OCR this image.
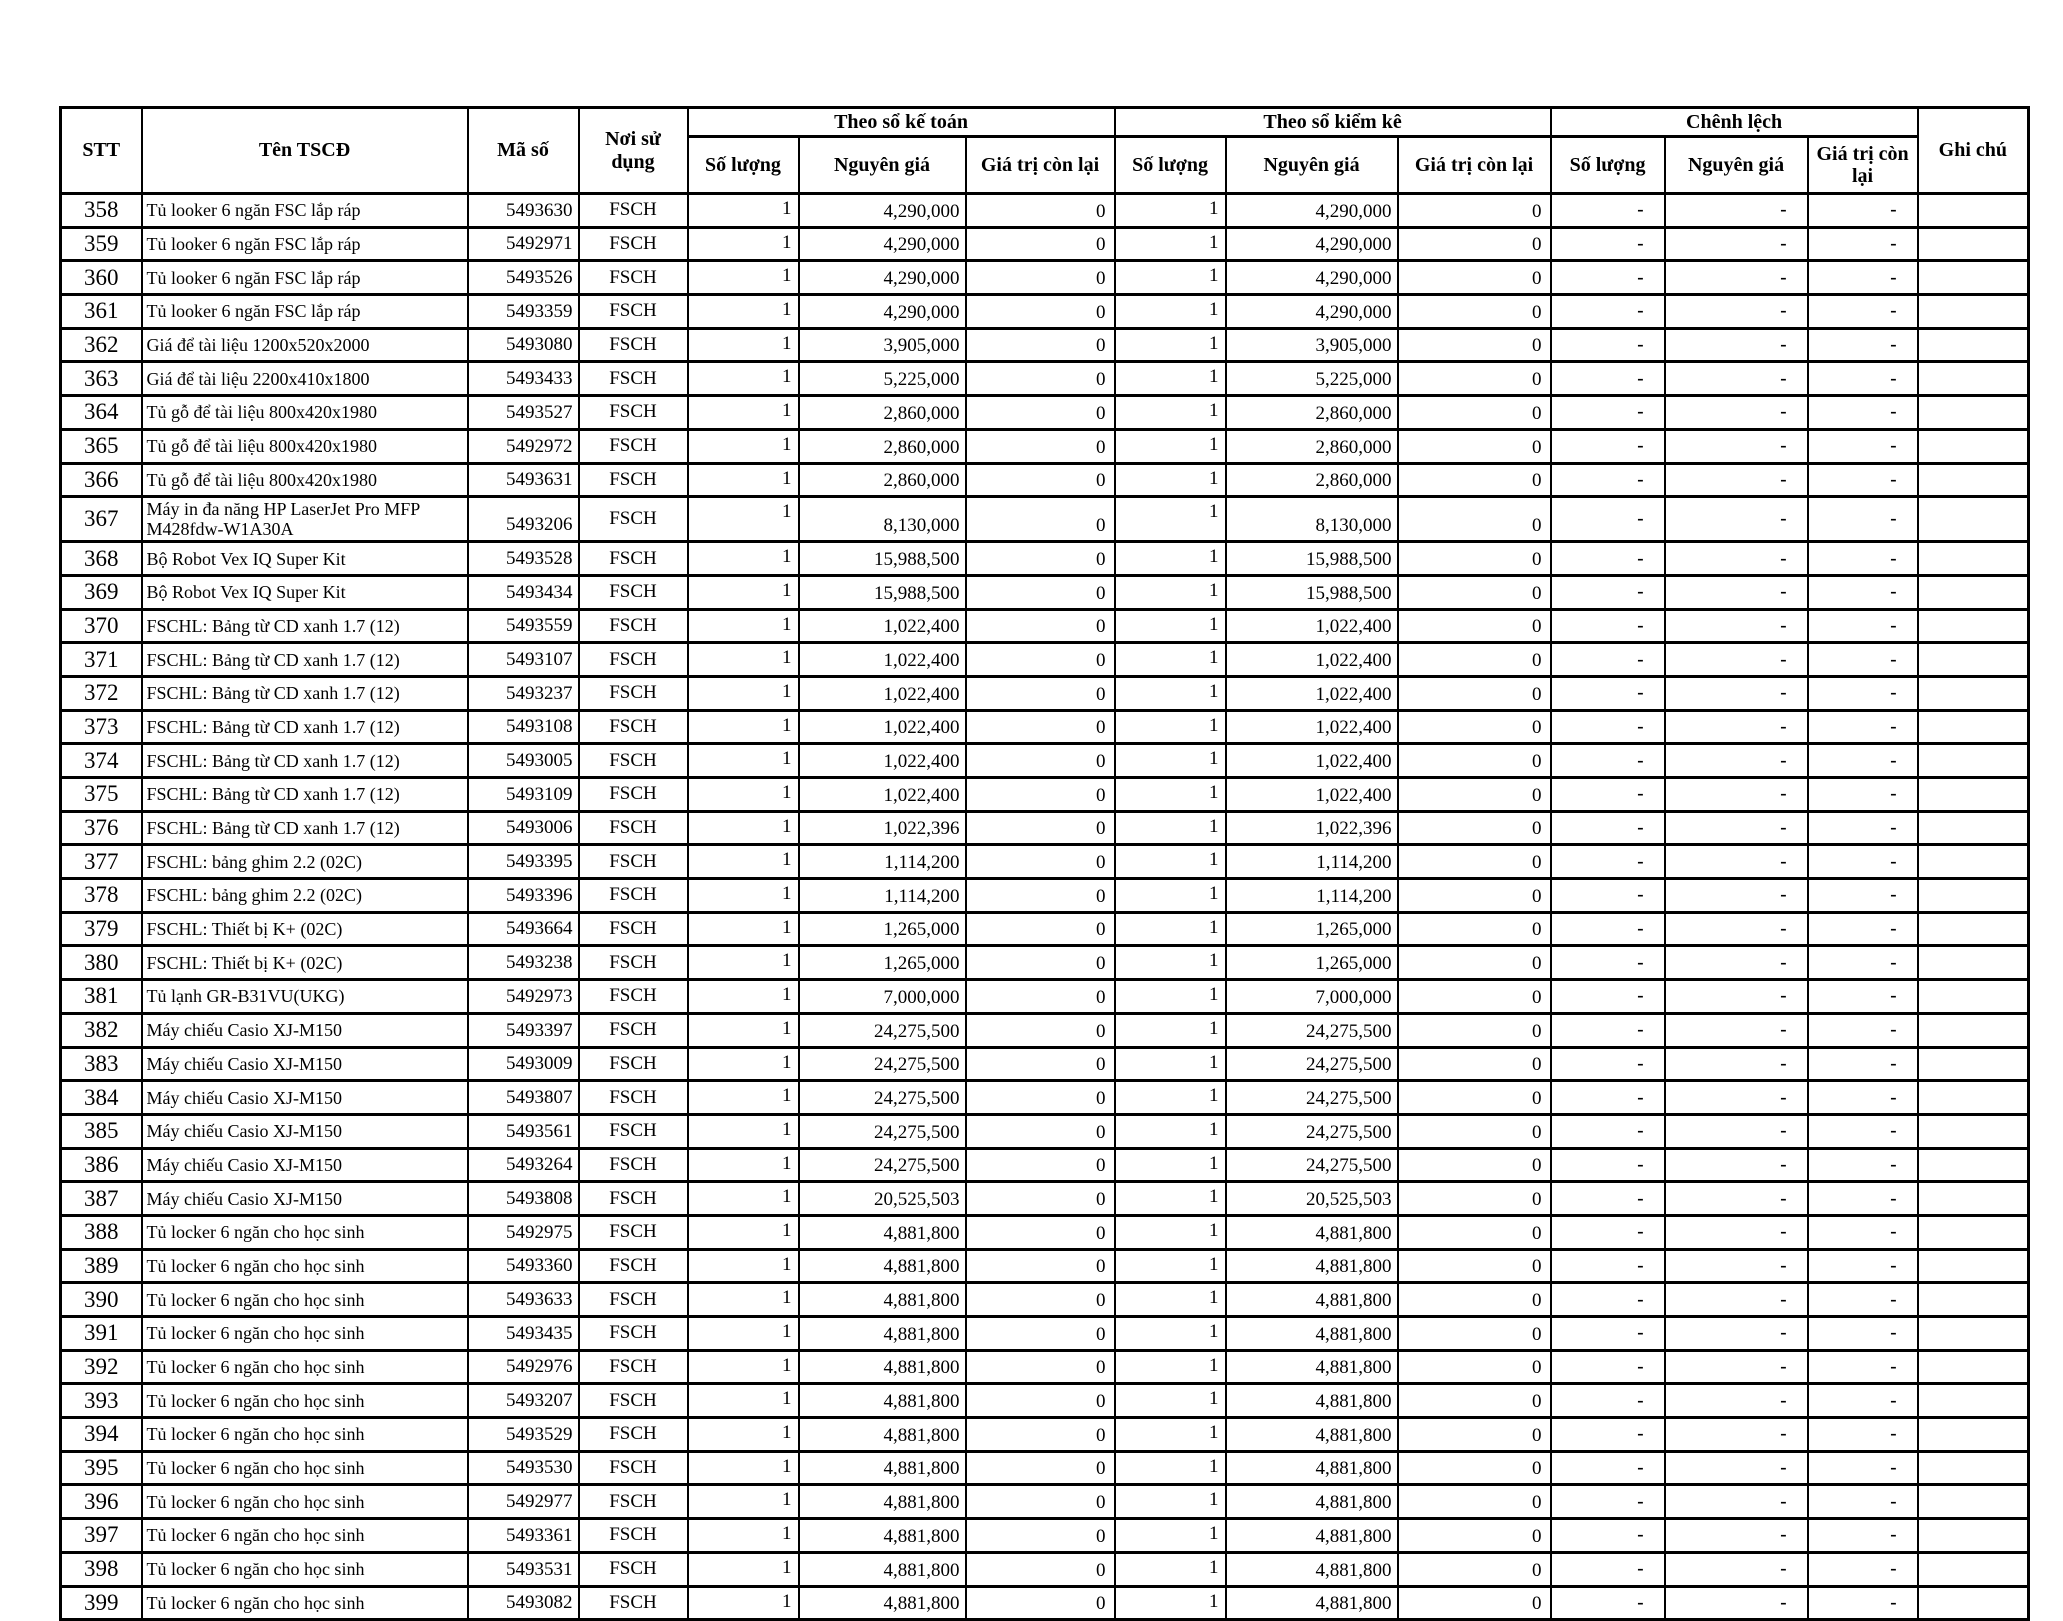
STT	Tên TSCĐ	Mã số	Nơi sử dụng	Theo sổ kế toán			Theo sổ kiểm kê			Chênh lệch			Ghi chú
				Số lượng	Nguyên giá	Giá trị còn lại	Số lượng	Nguyên giá	Giá trị còn lại	Số lượng	Nguyên giá	Giá trị còn lại	
358	Tủ looker 6 ngăn FSC lắp ráp	5493630	FSCH	1	4,290,000	0	1	4,290,000	0	-	-	-	
359	Tủ looker 6 ngăn FSC lắp ráp	5492971	FSCH	1	4,290,000	0	1	4,290,000	0	-	-	-	
360	Tủ looker 6 ngăn FSC lắp ráp	5493526	FSCH	1	4,290,000	0	1	4,290,000	0	-	-	-	
361	Tủ looker 6 ngăn FSC lắp ráp	5493359	FSCH	1	4,290,000	0	1	4,290,000	0	-	-	-	
362	Giá để tài liệu 1200x520x2000	5493080	FSCH	1	3,905,000	0	1	3,905,000	0	-	-	-	
363	Giá để tài liệu 2200x410x1800	5493433	FSCH	1	5,225,000	0	1	5,225,000	0	-	-	-	
364	Tủ gỗ để tài liệu 800x420x1980	5493527	FSCH	1	2,860,000	0	1	2,860,000	0	-	-	-	
365	Tủ gỗ để tài liệu 800x420x1980	5492972	FSCH	1	2,860,000	0	1	2,860,000	0	-	-	-	
366	Tủ gỗ để tài liệu 800x420x1980	5493631	FSCH	1	2,860,000	0	1	2,860,000	0	-	-	-	
367	Máy in đa năng HP LaserJet Pro MFP M428fdw-W1A30A	5493206	FSCH	1	8,130,000	0	1	8,130,000	0	-	-	-	
368	Bộ Robot Vex IQ Super Kit	5493528	FSCH	1	15,988,500	0	1	15,988,500	0	-	-	-	
369	Bộ Robot Vex IQ Super Kit	5493434	FSCH	1	15,988,500	0	1	15,988,500	0	-	-	-	
370	FSCHL: Bảng từ CD xanh 1.7 (12)	5493559	FSCH	1	1,022,400	0	1	1,022,400	0	-	-	-	
371	FSCHL: Bảng từ CD xanh 1.7 (12)	5493107	FSCH	1	1,022,400	0	1	1,022,400	0	-	-	-	
372	FSCHL: Bảng từ CD xanh 1.7 (12)	5493237	FSCH	1	1,022,400	0	1	1,022,400	0	-	-	-	
373	FSCHL: Bảng từ CD xanh 1.7 (12)	5493108	FSCH	1	1,022,400	0	1	1,022,400	0	-	-	-	
374	FSCHL: Bảng từ CD xanh 1.7 (12)	5493005	FSCH	1	1,022,400	0	1	1,022,400	0	-	-	-	
375	FSCHL: Bảng từ CD xanh 1.7 (12)	5493109	FSCH	1	1,022,400	0	1	1,022,400	0	-	-	-	
376	FSCHL: Bảng từ CD xanh 1.7 (12)	5493006	FSCH	1	1,022,396	0	1	1,022,396	0	-	-	-	
377	FSCHL: bảng ghim 2.2 (02C)	5493395	FSCH	1	1,114,200	0	1	1,114,200	0	-	-	-	
378	FSCHL: bảng ghim 2.2 (02C)	5493396	FSCH	1	1,114,200	0	1	1,114,200	0	-	-	-	
379	FSCHL: Thiết bị K+ (02C)	5493664	FSCH	1	1,265,000	0	1	1,265,000	0	-	-	-	
380	FSCHL: Thiết bị K+ (02C)	5493238	FSCH	1	1,265,000	0	1	1,265,000	0	-	-	-	
381	Tủ lạnh GR-B31VU(UKG)	5492973	FSCH	1	7,000,000	0	1	7,000,000	0	-	-	-	
382	Máy chiếu Casio XJ-M150	5493397	FSCH	1	24,275,500	0	1	24,275,500	0	-	-	-	
383	Máy chiếu Casio XJ-M150	5493009	FSCH	1	24,275,500	0	1	24,275,500	0	-	-	-	
384	Máy chiếu Casio XJ-M150	5493807	FSCH	1	24,275,500	0	1	24,275,500	0	-	-	-	
385	Máy chiếu Casio XJ-M150	5493561	FSCH	1	24,275,500	0	1	24,275,500	0	-	-	-	
386	Máy chiếu Casio XJ-M150	5493264	FSCH	1	24,275,500	0	1	24,275,500	0	-	-	-	
387	Máy chiếu Casio XJ-M150	5493808	FSCH	1	20,525,503	0	1	20,525,503	0	-	-	-	
388	Tủ locker 6 ngăn cho học sinh	5492975	FSCH	1	4,881,800	0	1	4,881,800	0	-	-	-	
389	Tủ locker 6 ngăn cho học sinh	5493360	FSCH	1	4,881,800	0	1	4,881,800	0	-	-	-	
390	Tủ locker 6 ngăn cho học sinh	5493633	FSCH	1	4,881,800	0	1	4,881,800	0	-	-	-	
391	Tủ locker 6 ngăn cho học sinh	5493435	FSCH	1	4,881,800	0	1	4,881,800	0	-	-	-	
392	Tủ locker 6 ngăn cho học sinh	5492976	FSCH	1	4,881,800	0	1	4,881,800	0	-	-	-	
393	Tủ locker 6 ngăn cho học sinh	5493207	FSCH	1	4,881,800	0	1	4,881,800	0	-	-	-	
394	Tủ locker 6 ngăn cho học sinh	5493529	FSCH	1	4,881,800	0	1	4,881,800	0	-	-	-	
395	Tủ locker 6 ngăn cho học sinh	5493530	FSCH	1	4,881,800	0	1	4,881,800	0	-	-	-	
396	Tủ locker 6 ngăn cho học sinh	5492977	FSCH	1	4,881,800	0	1	4,881,800	0	-	-	-	
397	Tủ locker 6 ngăn cho học sinh	5493361	FSCH	1	4,881,800	0	1	4,881,800	0	-	-	-	
398	Tủ locker 6 ngăn cho học sinh	5493531	FSCH	1	4,881,800	0	1	4,881,800	0	-	-	-	
399	Tủ locker 6 ngăn cho học sinh	5493082	FSCH	1	4,881,800	0	1	4,881,800	0	-	-	-	
